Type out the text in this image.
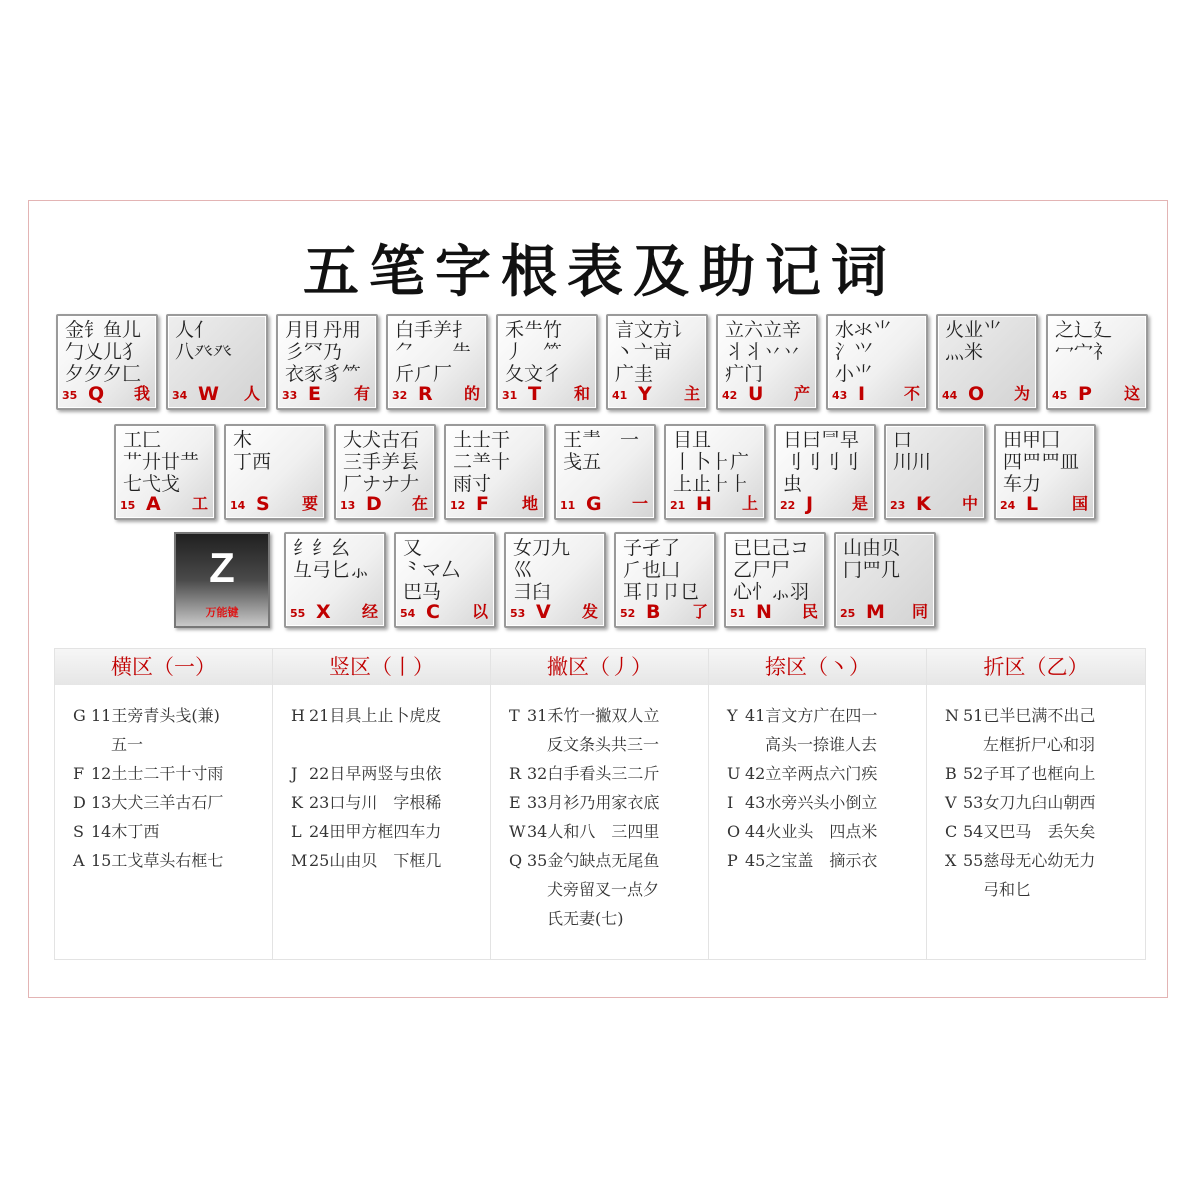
五笔字根表及助记词
金钅鱼儿
勹乂儿犭
夕夕夕匚
35 Q 我
人亻
八癶癶
34 W 人
月⺝丹用
彡⺳乃
衣豕豸⺮
33 E 有
白手⺶扌
⺈　　⺧
斤⺁厂
32 R 的
禾⺧竹
丿　⺮
夂文彳
31 T 和
言文方讠
丶亠亩
广圭
41 Y 主
立六立辛
丬丬丷丷
疒门
42 U 产
水氺⺌
氵⺍
小⺌
43 I 不
火业⺌
灬米
44 O 为
之辶廴
冖宀礻
45 P 这
工匚
艹廾廿龷
七弋戈
15 A 工
木
丁西
14 S 要
大犬古石
三手⺶镸
厂ナナ𠂇
13 D 在
土士干
二⺷十
雨寸
12 F 地
王龶　一
戋五
11 G 一
目且
丨卜⺊广
上止⺊⺊
21 H 上
日曰⺜早
刂⺉⺉刂
虫
22 J 是
口
川川
23 K 中
田甲囗
四罒罒皿
车力
24 L 国
Z
万能键
纟纟幺
彑弓匕⺗
55 X 经
又
⺀マ厶
巴马
54 C 以
女刀九
巛
彐臼
53 V 发
子孑了
⺁也凵
耳卩卩㔾
52 B 了
已巳己コ
乙尸尸
心忄⺗羽
51 N 民
山由贝
冂⺫几
25 M 同
横区（一）
G 11王旁青头戋(兼)
五一
F 12土士二干十寸雨
D 13大犬三羊古石厂
S 14木丁西
A 15工戈草头右框七
竖区（丨）
H 21目具上止卜虎皮
J 22日早两竖与虫依
K 23口与川　字根稀
L 24田甲方框四车力
M 25山由贝　下框几
撇区（丿）
T 31禾竹一撇双人立
反文条头共三一
R 32白手看头三二斤
E 33月衫乃用家衣底
W34人和八　三四里
Q 35金勺缺点无尾鱼
犬旁留叉一点夕
氏无妻(七)
捺区（丶）
Y 41言文方广在四一
高头一捺谁人去
U 42立辛两点六门疾
I 43水旁兴头小倒立
O 44火业头　四点米
P 45之宝盖　摘示衣
折区（乙）
N 51已半巳满不出己
左框折尸心和羽
B 52子耳了也框向上
V 53女刀九臼山朝西
C 54又巴马　丢矢矣
X 55慈母无心幼无力
弓和匕
